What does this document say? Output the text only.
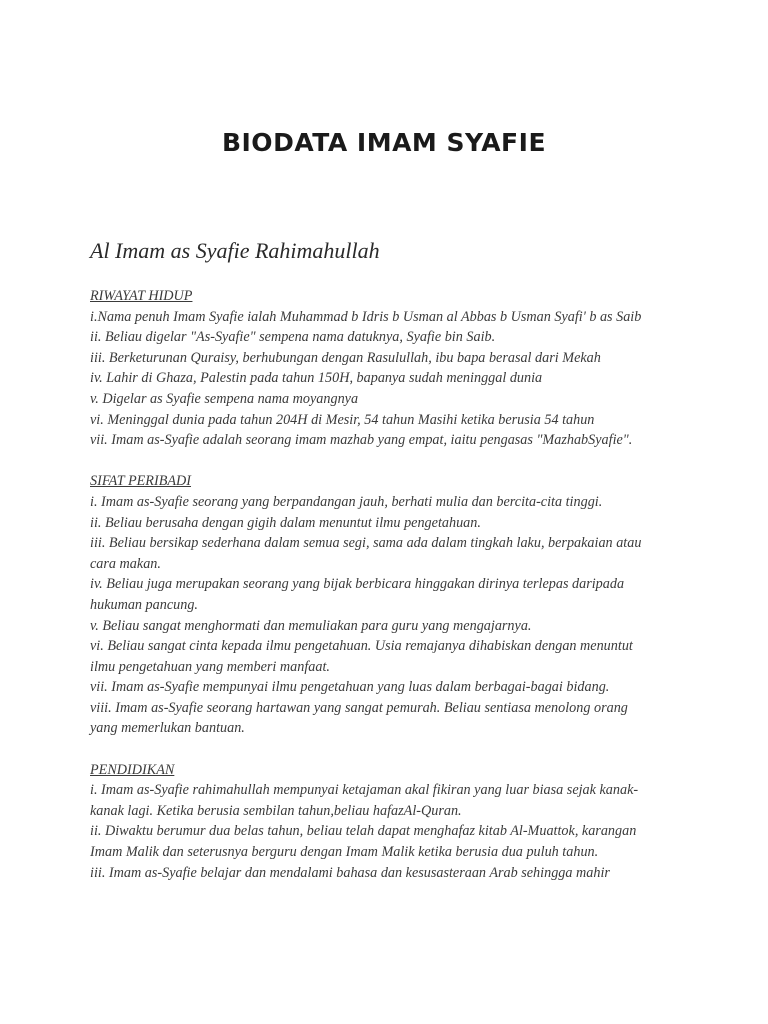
BIODATA IMAM SYAFIE
Al Imam as Syafie Rahimahullah
RIWAYAT HIDUP
i.Nama penuh Imam Syafie ialah Muhammad b Idris b Usman al Abbas b Usman Syafi' b as Saib
ii. Beliau digelar "As-Syafie" sempena nama datuknya, Syafie bin Saib.
iii. Berketurunan Quraisy, berhubungan dengan Rasulullah, ibu bapa berasal dari Mekah
iv. Lahir di Ghaza, Palestin pada tahun 150H, bapanya sudah meninggal dunia
v. Digelar as Syafie sempena nama moyangnya
vi. Meninggal dunia pada tahun 204H di Mesir, 54 tahun Masihi ketika berusia 54 tahun
vii. Imam as-Syafie adalah seorang imam mazhab yang empat, iaitu pengasas "MazhabSyafie".
SIFAT PERIBADI
i. Imam as-Syafie seorang yang berpandangan jauh, berhati mulia dan bercita-cita tinggi.
ii. Beliau berusaha dengan gigih dalam menuntut ilmu pengetahuan.
iii. Beliau bersikap sederhana dalam semua segi, sama ada dalam tingkah laku, berpakaian atau
cara makan.
iv. Beliau juga merupakan seorang yang bijak berbicara hinggakan dirinya terlepas daripada
hukuman pancung.
v. Beliau sangat menghormati dan memuliakan para guru yang mengajarnya.
vi. Beliau sangat cinta kepada ilmu pengetahuan. Usia remajanya dihabiskan dengan menuntut
ilmu pengetahuan yang memberi manfaat.
vii. Imam as-Syafie mempunyai ilmu pengetahuan yang luas dalam berbagai-bagai bidang.
viii. Imam as-Syafie seorang hartawan yang sangat pemurah. Beliau sentiasa menolong orang
yang memerlukan bantuan.
PENDIDIKAN
i. Imam as-Syafie rahimahullah mempunyai ketajaman akal fikiran yang luar biasa sejak kanak-
kanak lagi. Ketika berusia sembilan tahun,beliau hafazAl-Quran.
ii. Diwaktu berumur dua belas tahun, beliau telah dapat menghafaz kitab Al-Muattok, karangan
Imam Malik dan seterusnya berguru dengan Imam Malik ketika berusia dua puluh tahun.
iii. Imam as-Syafie belajar dan mendalami bahasa dan kesusasteraan Arab sehingga mahir
